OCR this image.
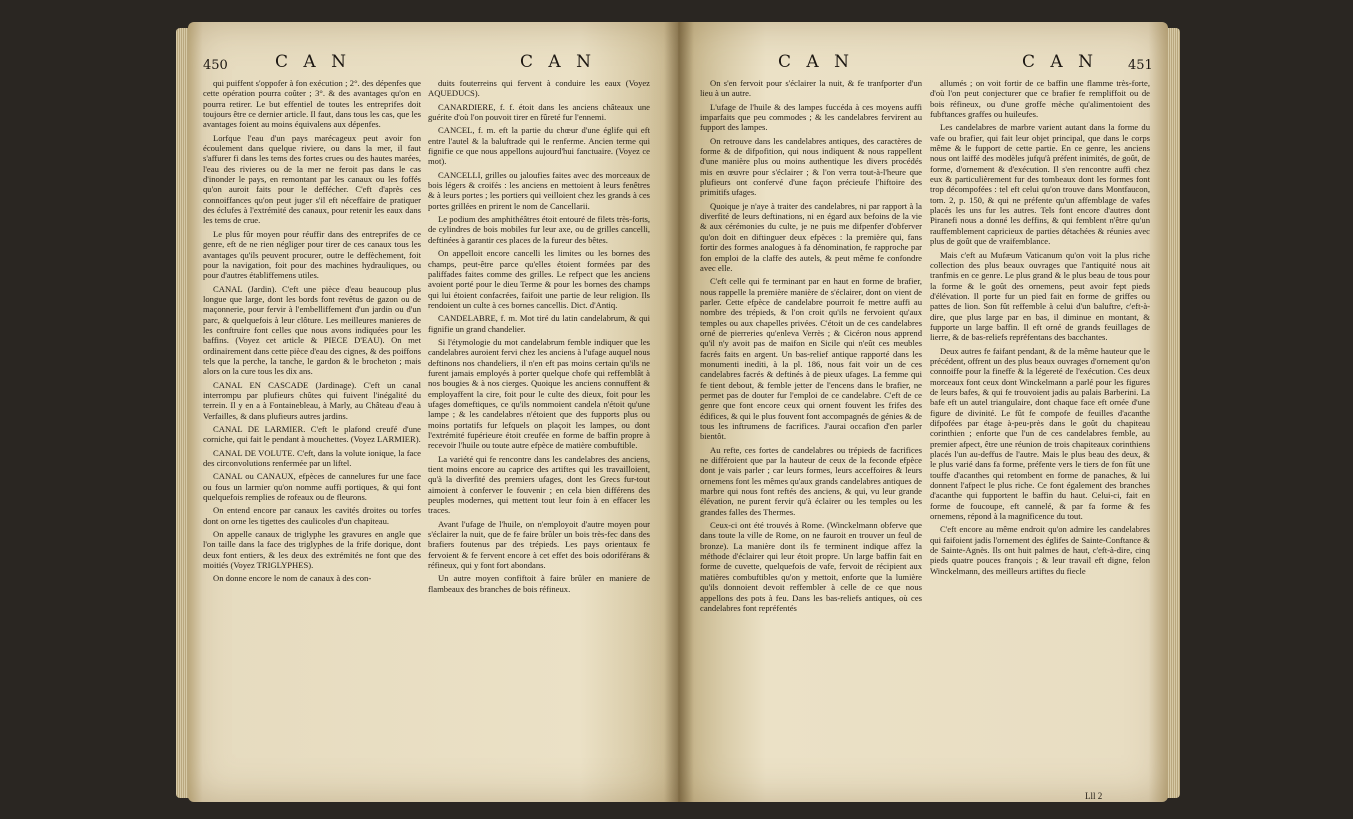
450	C A N	C A N	C A N	C A N 451

qui puiffent s'oppofer à fon exécution ; 2°. des dépenfes que cette opération pourra coûter ; 3°. & des avantages qu'on en pourra retirer. Le but effentiel de toutes les entreprifes doit toujours être ce dernier article. Il faut, dans tous les cas, que les avantages foient au moins équivalens aux dépenfes.

Lorfque l'eau d'un pays marécageux peut avoir fon écoulement dans quelque riviere, ou dans la mer, il faut s'affurer fi dans les tems des fortes crues ou des hautes marées, l'eau des rivieres ou de la mer ne feroit pas dans le cas d'inonder le pays, en remontant par les canaux ou les foffés qu'on auroit faits pour le deffécher. C'eft d'après ces connoiffances qu'on peut juger s'il eft néceffaire de pratiquer des éclufes à l'extrémité des canaux, pour retenir les eaux dans les tems de crue.

Le plus fûr moyen pour réuffir dans des entreprifes de ce genre, eft de ne rien négliger pour tirer de ces canaux tous les avantages qu'ils peuvent procurer, outre le deffèchement, foit pour la navigation, foit pour des machines hydrauliques, ou pour d'autres établiffemens utiles.

CANAL (Jardin). C'eft une pièce d'eau beaucoup plus longue que large, dont les bords font revêtus de gazon ou de maçonnerie, pour fervir à l'embelliffement d'un jardin ou d'un parc, & quelquefois à leur clôture. Les meilleures manieres de les conftruire font celles que nous avons indiquées pour les baffins. (Voyez cet article & PIECE D'EAU). On met ordinairement dans cette pièce d'eau des cignes, & des poiffons tels que la perche, la tanche, le gardon & le brocheton ; mais alors on la cure tous les dix ans.

CANAL EN CASCADE (Jardinage). C'eft un canal interrompu par plufieurs chûtes qui fuivent l'inégalité du terrein. Il y en a à Fontainebleau, à Marly, au Château d'eau à Verfailles, & dans plufieurs autres jardins.

CANAL DE LARMIER. C'eft le plafond creufé d'une corniche, qui fait le pendant à mouchettes. (Voyez LARMIER).

CANAL DE VOLUTE. C'eft, dans la volute ionique, la face des circonvolutions renfermée par un liftel.

CANAL ou CANAUX, efpèces de cannelures fur une face ou fous un larmier qu'on nomme auffi portiques, & qui font quelquefois remplies de rofeaux ou de fleurons.

On entend encore par canaux les cavités droites ou torfes dont on orne les tigettes des caulicoles d'un chapiteau.

On appelle canaux de triglyphe les gravures en angle que l'on taille dans la face des triglyphes de la frife dorique, dont deux font entiers, & les deux des extrémités ne font que des moitiés (Voyez TRIGLYPHES).

On donne encore le nom de canaux à des con-

duits fouterreins qui fervent à conduire les eaux (Voyez AQUEDUCS).

CANARDIERE, f. f. étoit dans les anciens châteaux une guérite d'où l'on pouvoit tirer en fûreté fur l'ennemi.

CANCEL, f. m. eft la partie du chœur d'une églife qui eft entre l'autel & la baluftrade qui le renferme. Ancien terme qui fignifie ce que nous appellons aujourd'hui fanctuaire. (Voyez ce mot).

CANCELLI, grilles ou jaloufies faites avec des morceaux de bois légers & croifés : les anciens en mettoient à leurs fenêtres & à leurs portes ; les portiers qui veilloient chez les grands à ces portes grillées en prirent le nom de Cancellarii.

Le podium des amphithéâtres étoit entouré de filets très-forts, de cylindres de bois mobiles fur leur axe, ou de grilles cancelli, deftinées à garantir ces places de la fureur des bêtes.

On appelloit encore cancelli les limites ou les bornes des champs, peut-être parce qu'elles étoient formées par des paliffades faites comme des grilles. Le refpect que les anciens avoient porté pour le dieu Terme & pour les bornes des champs qui lui étoient confacrées, faifoit une partie de leur religion. Ils rendoient un culte à ces bornes cancellis. Dict. d'Antiq.

CANDELABRE, f. m. Mot tiré du latin candelabrum, & qui fignifie un grand chandelier.

Si l'étymologie du mot candelabrum femble indiquer que les candelabres auroient fervi chez les anciens à l'ufage auquel nous deftinons nos chandeliers, il n'en eft pas moins certain qu'ils ne furent jamais employés à porter quelque chofe qui reffemblât à nos bougies & à nos cierges. Quoique les anciens connuffent & employaffent la cire, foit pour le culte des dieux, foit pour les ufages domeftiques, ce qu'ils nommoient candela n'étoit qu'une lampe ; & les candelabres n'étoient que des fupports plus ou moins portatifs fur lefquels on plaçoit les lampes, ou dont l'extrémité fupérieure étoit creufée en forme de baffin propre à recevoir l'huile ou toute autre efpèce de matière combuftible.

La variété qui fe rencontre dans les candelabres des anciens, tient moins encore au caprice des artiftes qui les travailloient, qu'à la diverfité des premiers ufages, dont les Grecs fur-tout aimoient à conferver le fouvenir ; en cela bien différens des peuples modernes, qui mettent tout leur foin à en effacer les traces.

Avant l'ufage de l'huile, on n'employoit d'autre moyen pour s'éclairer la nuit, que de fe faire brûler un bois très-fec dans des brafiers foutenus par des trépieds. Les pays orientaux fe fervoient & fe fervent encore à cet effet des bois odoriférans & réfineux, qui y font fort abondans.

Un autre moyen confiftoit à faire brûler en maniere de flambeaux des branches de bois réfineux.

On s'en fervoit pour s'éclairer la nuit, & fe tranfporter d'un lieu à un autre.

L'ufage de l'huile & des lampes fuccéda à ces moyens auffi imparfaits que peu commodes ; & les candelabres fervirent au fupport des lampes.

On retrouve dans les candelabres antiques, des caractères de forme & de difpofition, qui nous indiquent & nous rappellent d'une manière plus ou moins authentique les divers procédés mis en œuvre pour s'éclairer ; & l'on verra tout-à-l'heure que plufieurs ont confervé d'une façon précieufe l'hiftoire des primitifs ufages.

Quoique je n'aye à traiter des candelabres, ni par rapport à la diverfité de leurs deftinations, ni en égard aux befoins de la vie & aux cérémonies du culte, je ne puis me difpenfer d'obferver qu'on doit en diftinguer deux efpèces : la première qui, fans fortir des formes analogues à fa dénomination, fe rapproche par fon emploi de la claffe des autels, & peut même fe confondre avec elle.

C'eft celle qui fe terminant par en haut en forme de brafier, nous rappelle la première manière de s'éclairer, dont on vient de parler. Cette efpèce de candelabre pourroit fe mettre auffi au nombre des trépieds, & l'on croit qu'ils ne fervoient qu'aux temples ou aux chapelles privées. C'étoit un de ces candelabres orné de pierreries qu'enleva Verrès ; & Cicéron nous apprend qu'il n'y avoit pas de maifon en Sicile qui n'eût ces meubles facrés faits en argent. Un bas-relief antique rapporté dans les monumenti inediti, à la pl. 186, nous fait voir un de ces candelabres facrés & deftinés à de pieux ufages. La femme qui fe tient debout, & femble jetter de l'encens dans le brafier, ne permet pas de douter fur l'emploi de ce candelabre. C'eft de ce genre que font encore ceux qui ornent fouvent les frifes des édifices, & qui le plus fouvent font accompagnés de génies & de tous les inftrumens de facrifices. J'aurai occafion d'en parler bientôt.

Au refte, ces fortes de candelabres ou trépieds de facrifices ne différoient que par la hauteur de ceux de la feconde efpèce dont je vais parler ; car leurs formes, leurs acceffoires & leurs ornemens font les mêmes qu'aux grands candelabres antiques de marbre qui nous font reftés des anciens, & qui, vu leur grande élévation, ne purent fervir qu'à éclairer ou les temples ou les grandes falles des Thermes.

Ceux-ci ont été trouvés à Rome. (Winckelmann obferve que dans toute la ville de Rome, on ne fauroit en trouver un feul de bronze). La manière dont ils fe terminent indique affez la méthode d'éclairer qui leur étoit propre. Un large baffin fait en forme de cuvette, quelquefois de vafe, fervoit de récipient aux matières combuftibles qu'on y mettoit, enforte que la lumière qu'ils donnoient devoit reffembler à celle de ce que nous appellons des pots à feu. Dans les bas-reliefs antiques, où ces candelabres font repréfentés

allumés ; on voit fortir de ce baffin une flamme très-forte, d'où l'on peut conjecturer que ce brafier fe rempliffoit ou de bois réfineux, ou d'une groffe mèche qu'alimentoient des fubftances graffes ou huileufes.

Les candelabres de marbre varient autant dans la forme du vafe ou brafier, qui fait leur objet principal, que dans le corps même & le fupport de cette partie. En ce genre, les anciens nous ont laiffé des modèles jufqu'à préfent inimités, de goût, de forme, d'ornement & d'exécution. Il s'en rencontre auffi chez eux & particulièrement fur des tombeaux dont les formes font trop décompofées : tel eft celui qu'on trouve dans Montfaucon, tom. 2, p. 150, & qui ne préfente qu'un affemblage de vafes placés les uns fur les autres. Tels font encore d'autres dont Piranefi nous a donné les deffins, & qui femblent n'être qu'un rauffemblement capricieux de parties détachées & réunies avec plus de goût que de vraifemblance.

Mais c'eft au Mufæum Vaticanum qu'on voit la plus riche collection des plus beaux ouvrages que l'antiquité nous ait tranfmis en ce genre. Le plus grand & le plus beau de tous pour la forme & le goût des ornemens, peut avoir fept pieds d'élévation. Il porte fur un pied fait en forme de griffes ou pattes de lion. Son fût reffemble à celui d'un baluftre, c'eft-à-dire, que plus large par en bas, il diminue en montant, & fupporte un large baffin. Il eft orné de grands feuillages de lierre, & de bas-reliefs repréfentans des bacchantes.

Deux autres fe faifant pendant, & de la même hauteur que le précédent, offrent un des plus beaux ouvrages d'ornement qu'on connoiffe pour la fineffe & la légereté de l'exécution. Ces deux morceaux font ceux dont Winckelmann a parlé pour les figures de leurs bafes, & qui fe trouvoient jadis au palais Barberini. La bafe eft un autel triangulaire, dont chaque face eft ornée d'une figure de divinité. Le fût fe compofe de feuilles d'acanthe difpofées par étage à-peu-près dans le goût du chapiteau corinthien ; enforte que l'un de ces candelabres femble, au premier afpect, être une réunion de trois chapiteaux corinthiens placés l'un au-deffus de l'autre. Mais le plus beau des deux, & le plus varié dans fa forme, préfente vers le tiers de fon fût une touffe d'acanthes qui retombent en forme de panaches, & lui donnent l'afpect le plus riche. Ce font également des branches d'acanthe qui fupportent le baffin du haut. Celui-ci, fait en forme de foucoupe, eft cannelé, & par fa forme & fes ornemens, répond à la magnificence du tout.

C'eft encore au même endroit qu'on admire les candelabres qui faifoient jadis l'ornement des églifes de Sainte-Conftance & de Sainte-Agnès. Ils ont huit palmes de haut, c'eft-à-dire, cinq pieds quatre pouces françois ; & leur travail eft digne, felon Winckelmann, des meilleurs artiftes du fiecle

Lll 2
